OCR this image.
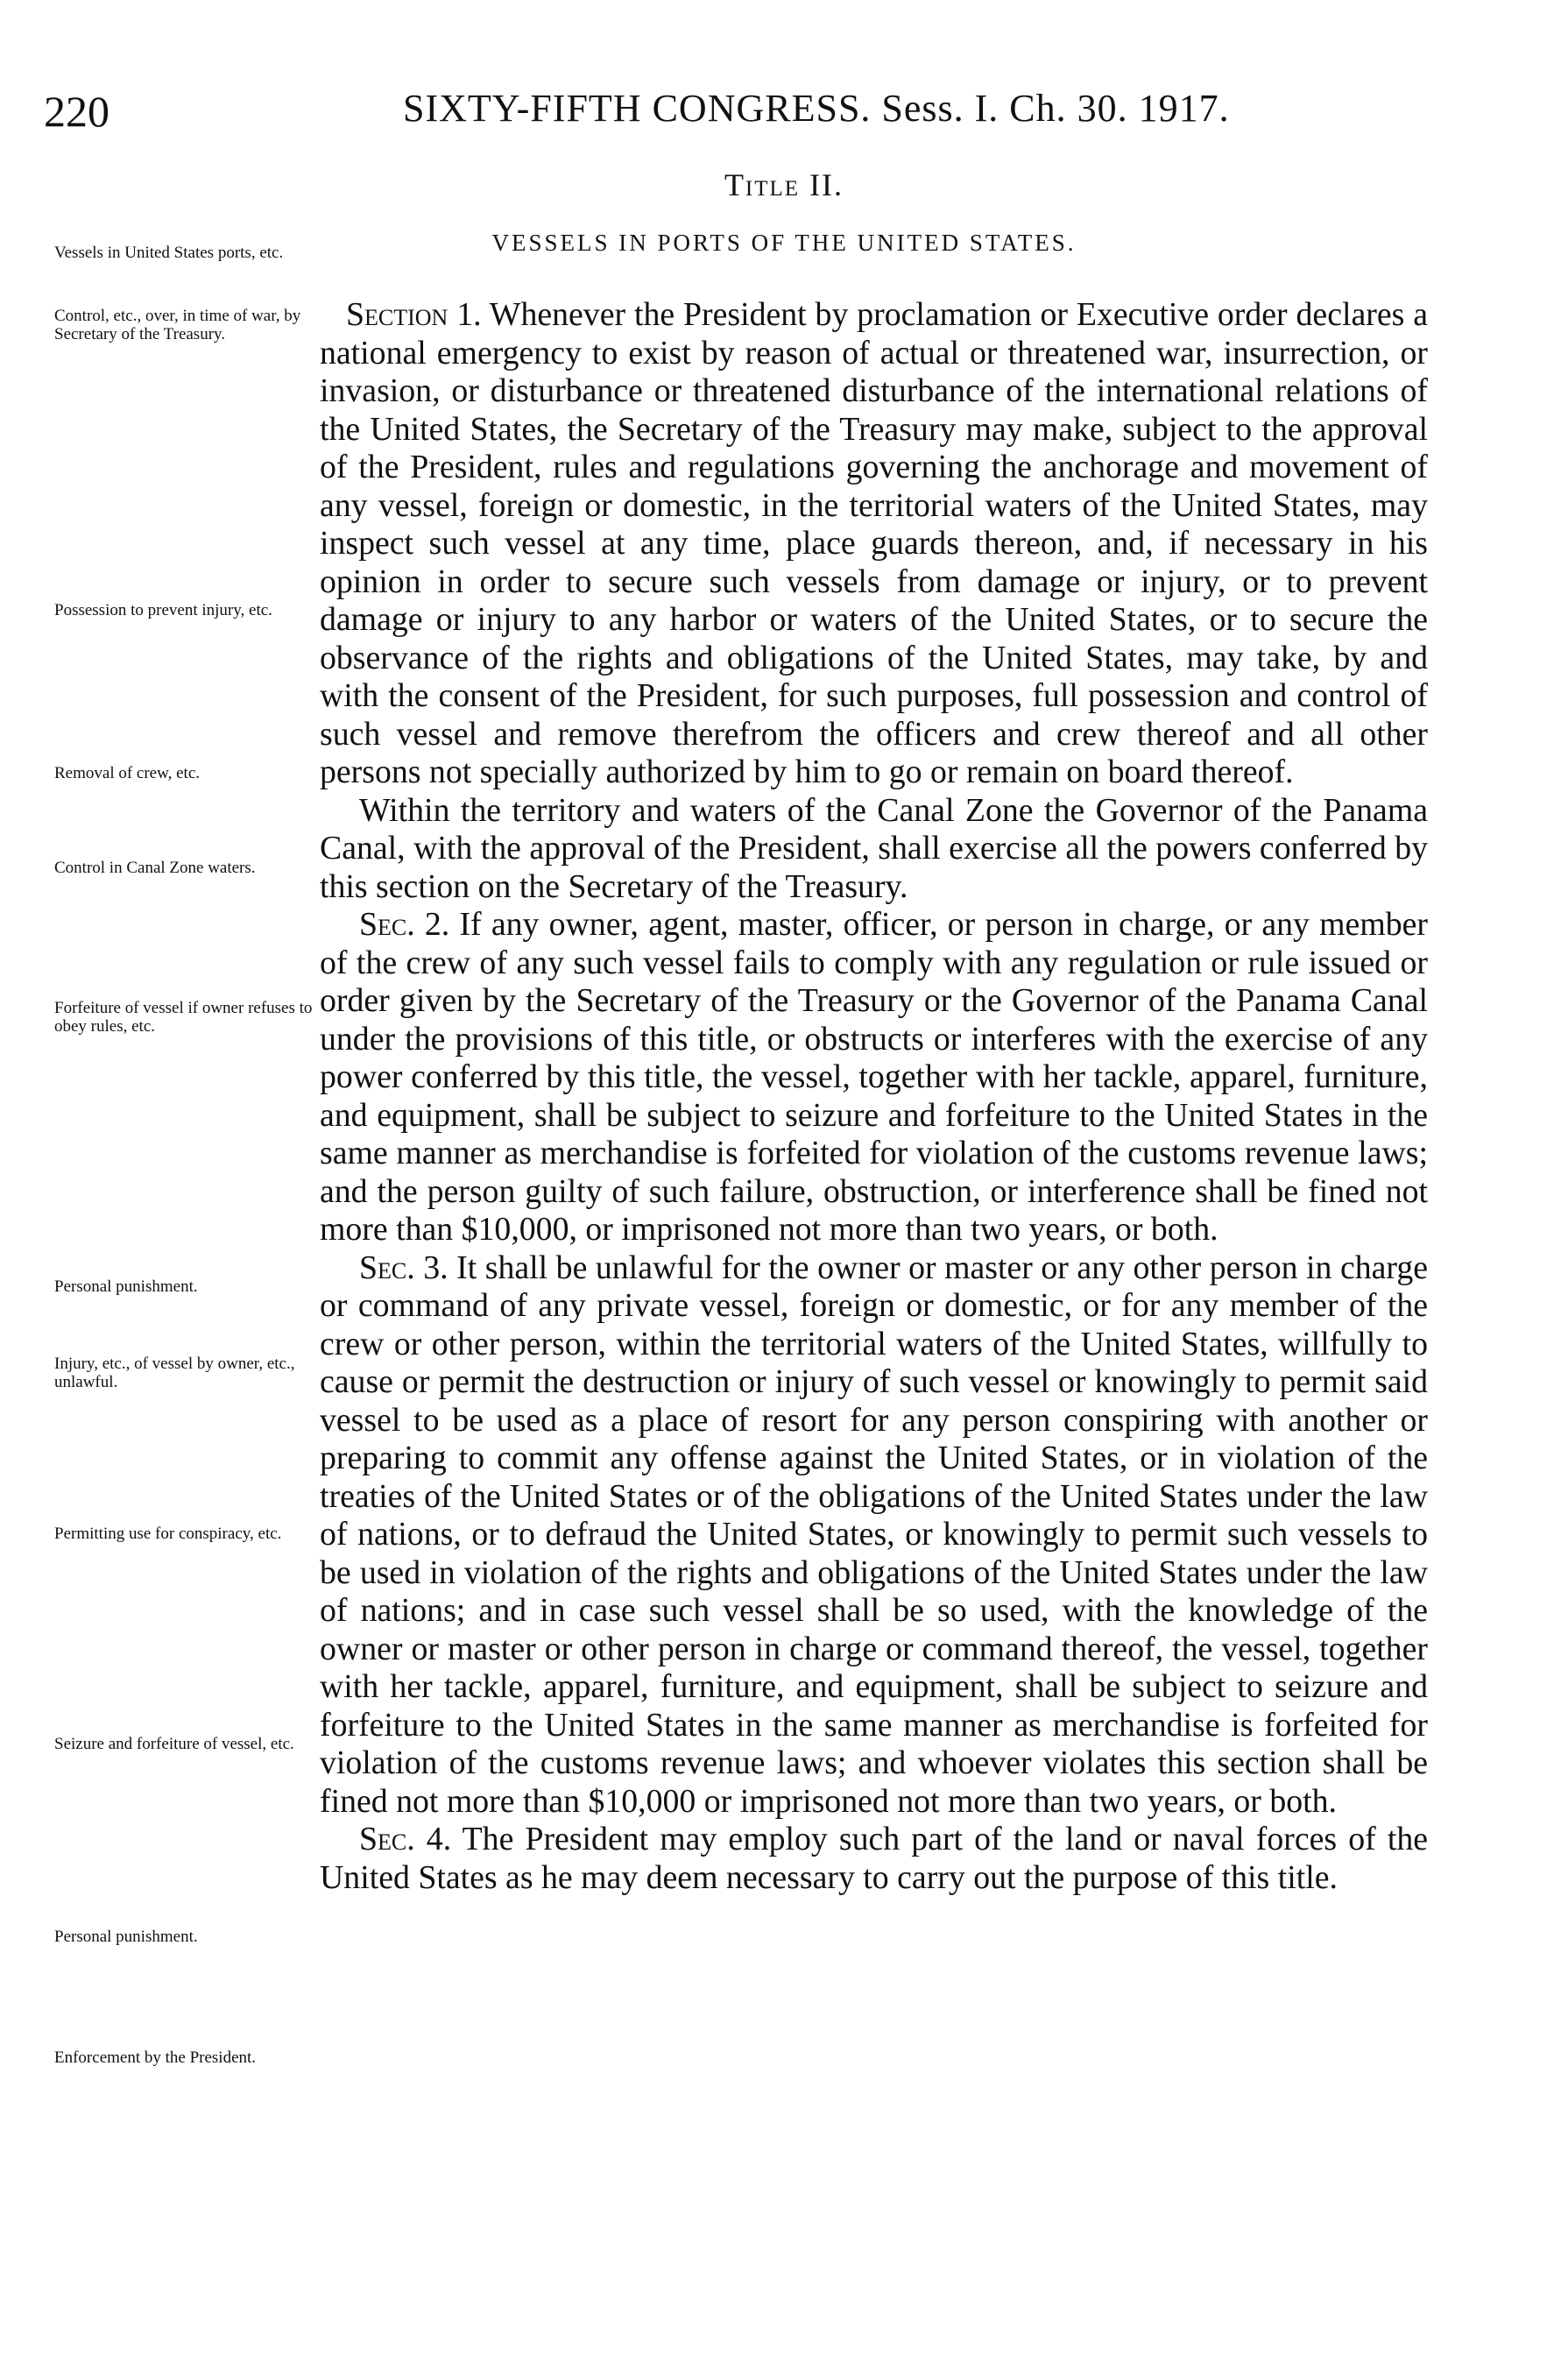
220	SIXTY-FIFTH CONGRESS. Sess. I. Ch. 30. 1917.
Title II.
VESSELS IN PORTS OF THE UNITED STATES.
Vessels in United States ports, etc.
Control, etc., over, in time of war, by Secretary of the Treasury.
Possession to prevent injury, etc.
Removal of crew, etc.
Control in Canal Zone waters.
Forfeiture of vessel if owner refuses to obey rules, etc.
Personal punishment.
Injury, etc., of vessel by owner, etc., unlawful.
Permitting use for conspiracy, etc.
Seizure and forfeiture of vessel, etc.
Personal punishment.
Enforcement by the President.

Section 1. Whenever the President by proclamation or Executive order declares a national emergency to exist by reason of actual or threatened war, insurrection, or invasion, or disturbance or threatened disturbance of the international relations of the United States, the Secretary of the Treasury may make, subject to the approval of the President, rules and regulations governing the anchorage and movement of any vessel, foreign or domestic, in the territorial waters of the United States, may inspect such vessel at any time, place guards thereon, and, if necessary in his opinion in order to secure such vessels from damage or injury, or to prevent damage or injury to any harbor or waters of the United States, or to secure the observance of the rights and obligations of the United States, may take, by and with the consent of the President, for such purposes, full possession and control of such vessel and remove therefrom the officers and crew thereof and all other persons not specially authorized by him to go or remain on board thereof.

Within the territory and waters of the Canal Zone the Governor of the Panama Canal, with the approval of the President, shall exercise all the powers conferred by this section on the Secretary of the Treasury.

Sec. 2. If any owner, agent, master, officer, or person in charge, or any member of the crew of any such vessel fails to comply with any regulation or rule issued or order given by the Secretary of the Treasury or the Governor of the Panama Canal under the provisions of this title, or obstructs or interferes with the exercise of any power conferred by this title, the vessel, together with her tackle, apparel, furniture, and equipment, shall be subject to seizure and forfeiture to the United States in the same manner as merchandise is forfeited for violation of the customs revenue laws; and the person guilty of such failure, obstruction, or interference shall be fined not more than $10,000, or imprisoned not more than two years, or both.

Sec. 3. It shall be unlawful for the owner or master or any other person in charge or command of any private vessel, foreign or domestic, or for any member of the crew or other person, within the territorial waters of the United States, willfully to cause or permit the destruction or injury of such vessel or knowingly to permit said vessel to be used as a place of resort for any person conspiring with another or preparing to commit any offense against the United States, or in violation of the treaties of the United States or of the obligations of the United States under the law of nations, or to defraud the United States, or knowingly to permit such vessels to be used in violation of the rights and obligations of the United States under the law of nations; and in case such vessel shall be so used, with the knowledge of the owner or master or other person in charge or command thereof, the vessel, together with her tackle, apparel, furniture, and equipment, shall be subject to seizure and forfeiture to the United States in the same manner as merchandise is forfeited for violation of the customs revenue laws; and whoever violates this section shall be fined not more than $10,000 or imprisoned not more than two years, or both.

Sec. 4. The President may employ such part of the land or naval forces of the United States as he may deem necessary to carry out the purpose of this title.
